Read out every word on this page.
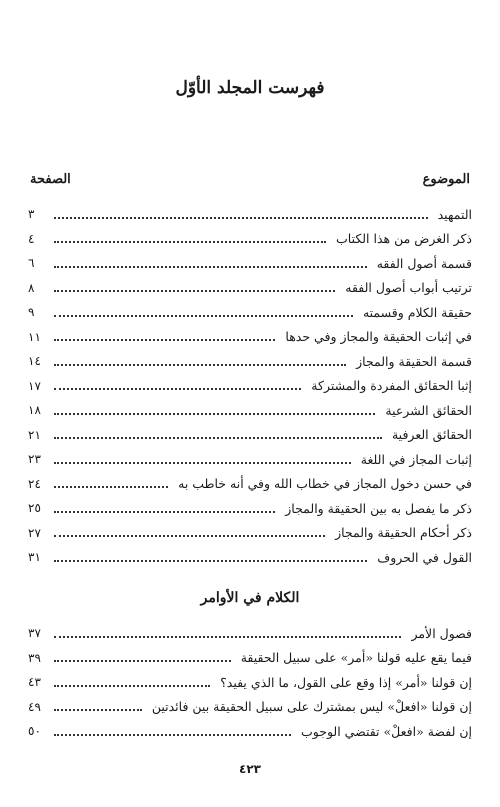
فهرست المجلد الأوّل
الموضوع
الصفحة
التمهيد
٣
ذكر الغرض من هذا الكتاب
٤
قسمة أصول الفقه
٦
ترتيب أبواب أصول الفقه
٨
حقيقة الكلام وقسمته
٩
في إثبات الحقيقة والمجاز وفي حدها
١١
قسمة الحقيقة والمجاز
١٤
إثبا الحقائق المفردة والمشتركة
١٧
الحقائق الشرعية
١٨
الحقائق العرفية
٢١
إثبات المجاز في اللغة
٢٣
في حسن دخول المجاز في خطاب الله وفي أنه خاطب به
٢٤
ذكر ما يفصل به بين الحقيقة والمجاز
٢٥
ذكر أحكام الحقيقة والمجاز
٢٧
القول في الحروف
٣١
الكلام في الأوامر
فصول الأمر
٣٧
فيما يقع عليه قولنا «أمر» على سبيل الحقيقة
٣٩
إن قولنا «أمر» إذا وقع على القول، ما الذي يفيد؟
٤٣
إن قولنا «افعلْ» ليس بمشترك على سبيل الحقيقة بين فائدتين
٤٩
إن لفضة «افعلْ» تقتضي الوجوب
٥٠
٤٢٣
